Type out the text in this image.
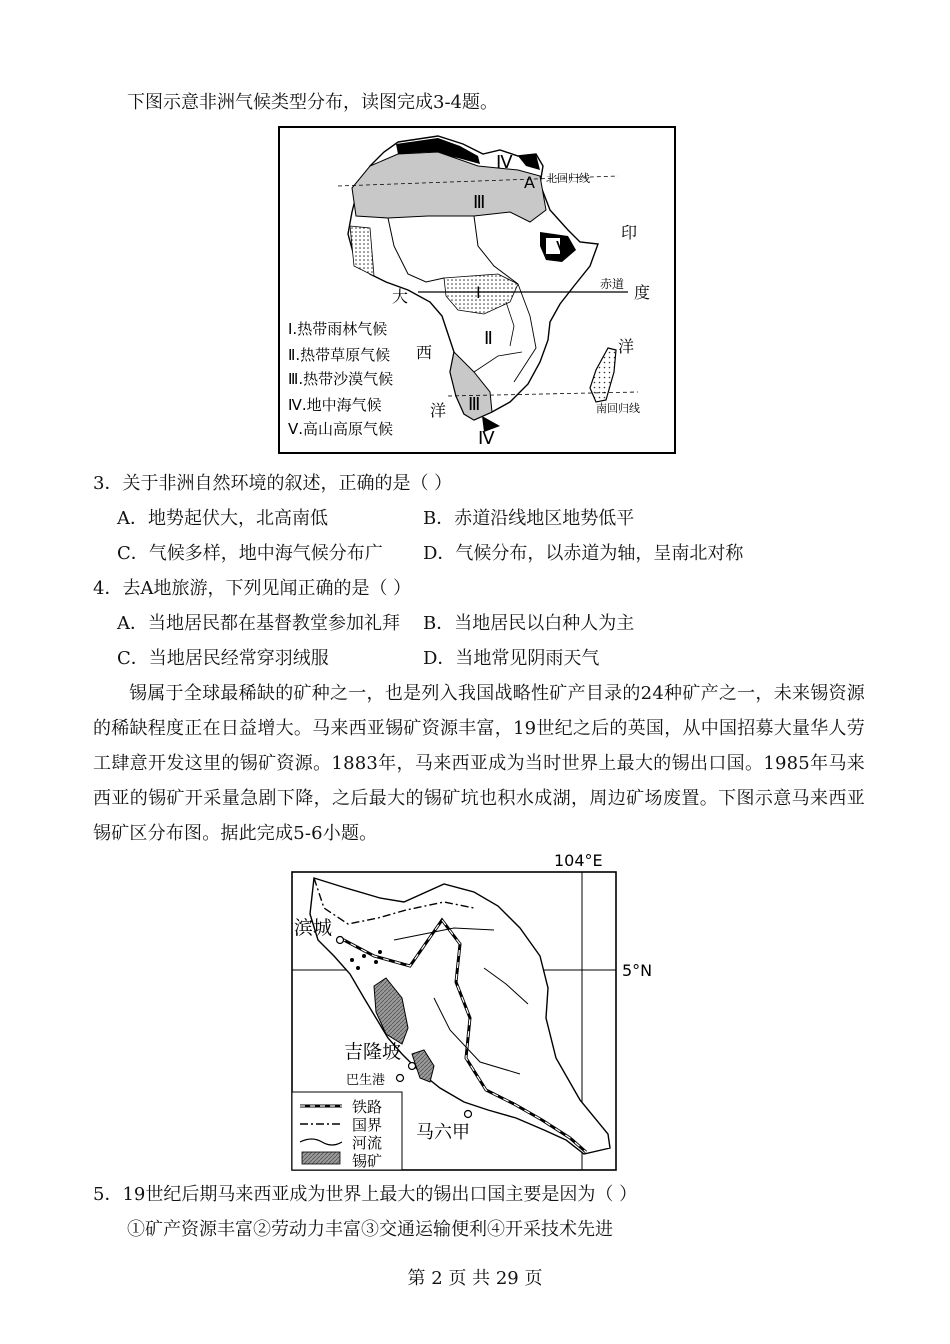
下图示意非洲气候类型分布，读图完成3-4题。
Ⅳ
A 北回归线
Ⅲ
Ⅴ
印
赤道 度
大	Ⅰ
Ⅱ	洋
西
Ⅲ	南回归线
洋
Ⅳ
Ⅰ.热带雨林气候
Ⅱ.热带草原气候
Ⅲ.热带沙漠气候
Ⅳ.地中海气候
Ⅴ.高山高原气候
3．关于非洲自然环境的叙述，正确的是（ ）
A．地势起伏大，北高南低	B．赤道沿线地区地势低平
C．气候多样，地中海气候分布广 D．气候分布，以赤道为轴，呈南北对称
4．去A地旅游，下列见闻正确的是（ ）
A．当地居民都在基督教堂参加礼拜 B．当地居民以白种人为主
C．当地居民经常穿羽绒服	D．当地常见阴雨天气
锡属于全球最稀缺的矿种之一，也是列入我国战略性矿产目录的24种矿产之一，未来锡资源的稀缺程度正在日益增大。马来西亚锡矿资源丰富，19世纪之后的英国，从中国招募大量华人劳工肆意开发这里的锡矿资源。1883年，马来西亚成为当时世界上最大的锡出口国。1985年马来西亚的锡矿开采量急剧下降，之后最大的锡矿坑也积水成湖，周边矿场废置。下图示意马来西亚锡矿区分布图。据此完成5-6小题。
104°E
5°N
滨城
吉隆坡
巴生港
马六甲
铁路
国界
河流
锡矿
5．19世纪后期马来西亚成为世界上最大的锡出口国主要是因为（ ）
①矿产资源丰富②劳动力丰富③交通运输便利④开采技术先进
第 2 页 共 29 页
